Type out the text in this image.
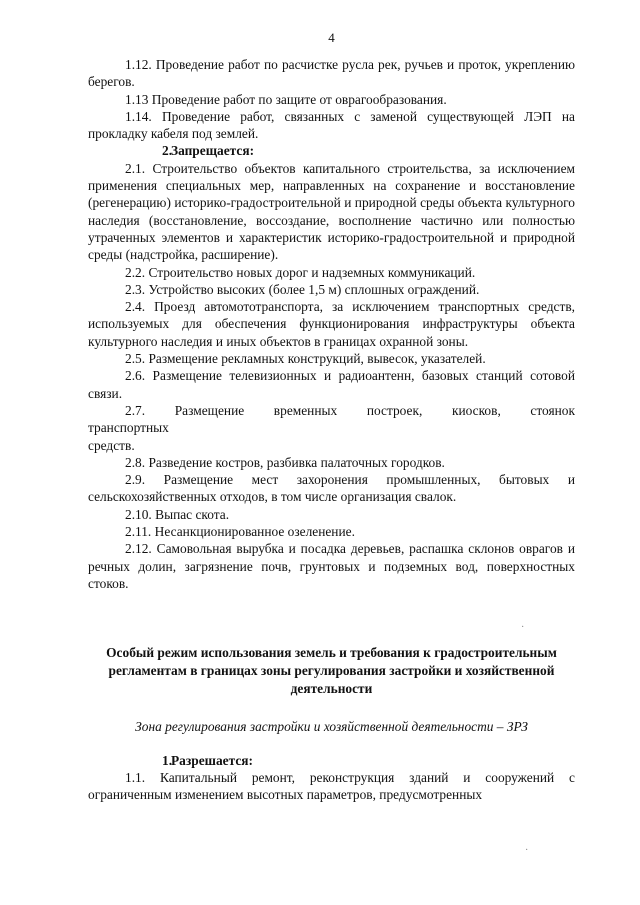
4

1.12. Проведение работ по расчистке русла рек, ручьев и проток, укреплению берегов.

1.13 Проведение работ по защите от оврагообразования.

1.14. Проведение работ, связанных с заменой существующей ЛЭП на прокладку кабеля под землей.

2.Запрещается:

2.1. Строительство объектов капитального строительства, за исключением применения специальных мер, направленных на сохранение и восстановление (регенерацию) историко-градостроительной и природной среды объекта культурного наследия (восстановление, воссоздание, восполнение частично или полностью утраченных элементов и характеристик историко-градостроительной и природной среды (надстройка, расширение).

2.2. Строительство новых дорог и надземных коммуникаций.

2.3. Устройство высоких (более 1,5 м) сплошных ограждений.

2.4. Проезд автомототранспорта, за исключением транспортных средств, используемых для обеспечения функционирования инфраструктуры объекта культурного наследия и иных объектов в границах охранной зоны.

2.5. Размещение рекламных конструкций, вывесок, указателей.

2.6. Размещение телевизионных и радиоантенн, базовых станций сотовой связи.

2.7. Размещение временных построек, киосков, стоянок

транспортных

средств.

2.8. Разведение костров, разбивка палаточных городков.

2.9. Размещение мест захоронения промышленных, бытовых и сельскохозяйственных отходов, в том числе организация свалок.

2.10. Выпас скота.

2.11. Несанкционированное озеленение.

2.12. Самовольная вырубка и посадка деревьев, распашка склонов оврагов и речных долин, загрязнение почв, грунтовых и подземных вод, поверхностных стоков.

Особый режим использования земель и требования к градостроительным регламентам в границах зоны регулирования застройки и хозяйственной деятельности

Зона регулирования застройки и хозяйственной деятельности – ЗРЗ

1.Разрешается:

1.1. Капитальный ремонт, реконструкция зданий и сооружений с ограниченным изменением высотных параметров, предусмотренных

·
·
